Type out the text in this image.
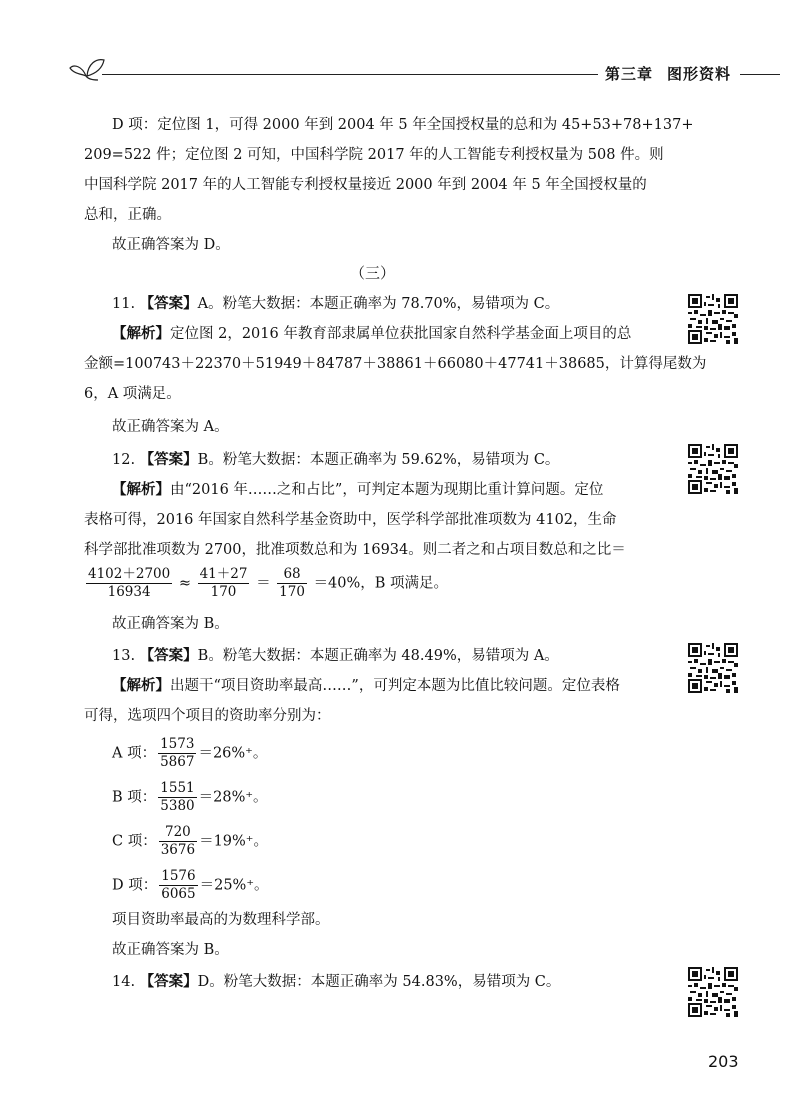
第三章 图形资料
D 项：定位图 1，可得 2000 年到 2004 年 5 年全国授权量的总和为 45+53+78+137+
209=522 件；定位图 2 可知，中国科学院 2017 年的人工智能专利授权量为 508 件。则
中国科学院 2017 年的人工智能专利授权量接近 2000 年到 2004 年 5 年全国授权量的
总和，正确。
故正确答案为 D。
（三）
11. 【答案】A。粉笔大数据：本题正确率为 78.70%，易错项为 C。
【解析】定位图 2，2016 年教育部隶属单位获批国家自然科学基金面上项目的总
金额=100743＋22370＋51949＋84787＋38861＋66080＋47741＋38685，计算得尾数为
6，A 项满足。
故正确答案为 A。
12. 【答案】B。粉笔大数据：本题正确率为 59.62%，易错项为 C。
【解析】由“2016 年……之和占比”，可判定本题为现期比重计算问题。定位
表格可得，2016 年国家自然科学基金资助中，医学科学部批准项数为 4102，生命
科学部批准项数为 2700，批准项数总和为 16934。则二者之和占项目数总和之比＝
$\frac{4102+2700}{16934} \approx \frac{41+27}{170} = \frac{68}{170} =40\%$，B 项满足。
故正确答案为 B。
13. 【答案】B。粉笔大数据：本题正确率为 48.49%，易错项为 A。
【解析】出题干“项目资助率最高……”，可判定本题为比值比较问题。定位表格
可得，选项四个项目的资助率分别为：
A 项： $\frac{1573}{5867} =26\%^+$。
B 项： $\frac{1551}{5380} =28\%^+$。
C 项： $\frac{720}{3676} =19\%^+$。
D 项： $\frac{1576}{6065} =25\%^+$。
项目资助率最高的为数理科学部。
故正确答案为 B。
14. 【答案】D。粉笔大数据：本题正确率为 54.83%，易错项为 C。
203
